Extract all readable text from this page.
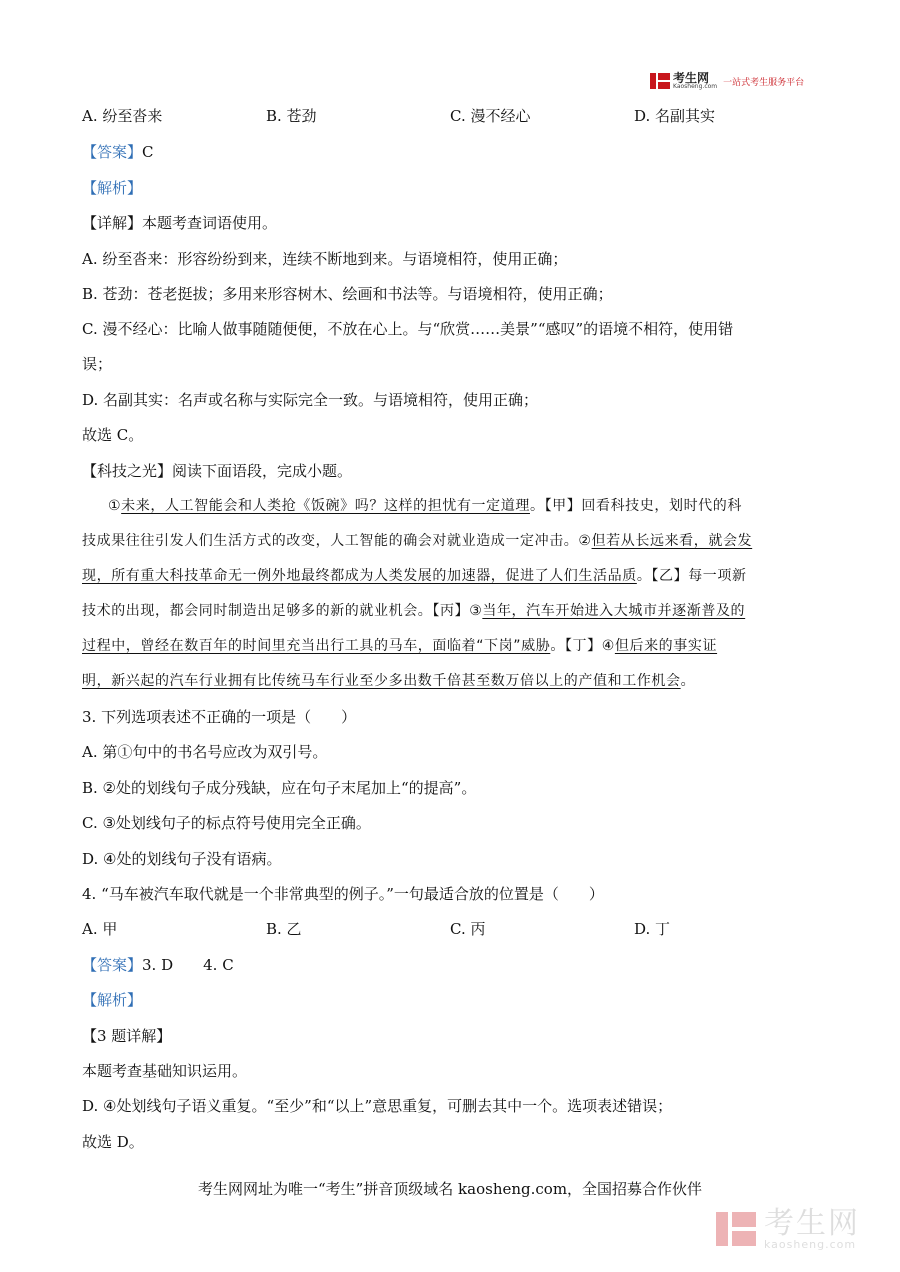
考生网
Kaosheng.com 一站式考生服务平台
A. 纷至沓来	B. 苍劲	C. 漫不经心	D. 名副其实
【答案】C
【解析】
【详解】本题考查词语使用。
A. 纷至沓来：形容纷纷到来，连续不断地到来。与语境相符，使用正确；
B. 苍劲：苍老挺拔；多用来形容树木、绘画和书法等。与语境相符，使用正确；
C. 漫不经心：比喻人做事随随便便，不放在心上。与“欣赏……美景”“感叹”的语境不相符，使用错
误；
D. 名副其实：名声或名称与实际完全一致。与语境相符，使用正确；
故选 C。
【科技之光】阅读下面语段，完成小题。
①未来，人工智能会和人类抢《饭碗》吗？这样的担忧有一定道理。【甲】回看科技史，划时代的科
技成果往往引发人们生活方式的改变，人工智能的确会对就业造成一定冲击。②但若从长远来看，就会发
现，所有重大科技革命无一例外地最终都成为人类发展的加速器，促进了人们生活品质。【乙】每一项新
技术的出现，都会同时制造出足够多的新的就业机会。【丙】③当年，汽车开始进入大城市并逐渐普及的
过程中，曾经在数百年的时间里充当出行工具的马车，面临着“下岗”威胁。【丁】④但后来的事实证
明，新兴起的汽车行业拥有比传统马车行业至少多出数千倍甚至数万倍以上的产值和工作机会。
3. 下列选项表述不正确的一项是（　　）
A. 第①句中的书名号应改为双引号。
B. ②处的划线句子成分残缺，应在句子末尾加上“的提高”。
C. ③处划线句子的标点符号使用完全正确。
D. ④处的划线句子没有语病。
4. “马车被汽车取代就是一个非常典型的例子。”一句最适合放的位置是（　　）
A. 甲	B. 乙	C. 丙	D. 丁
【答案】3. D　　4. C
【解析】
【3 题详解】
本题考查基础知识运用。
D. ④处划线句子语义重复。“至少”和“以上”意思重复，可删去其中一个。选项表述错误；
故选 D。
考生网网址为唯一“考生”拼音顶级域名 kaosheng.com，全国招募合作伙伴
考生网
kaosheng.com
